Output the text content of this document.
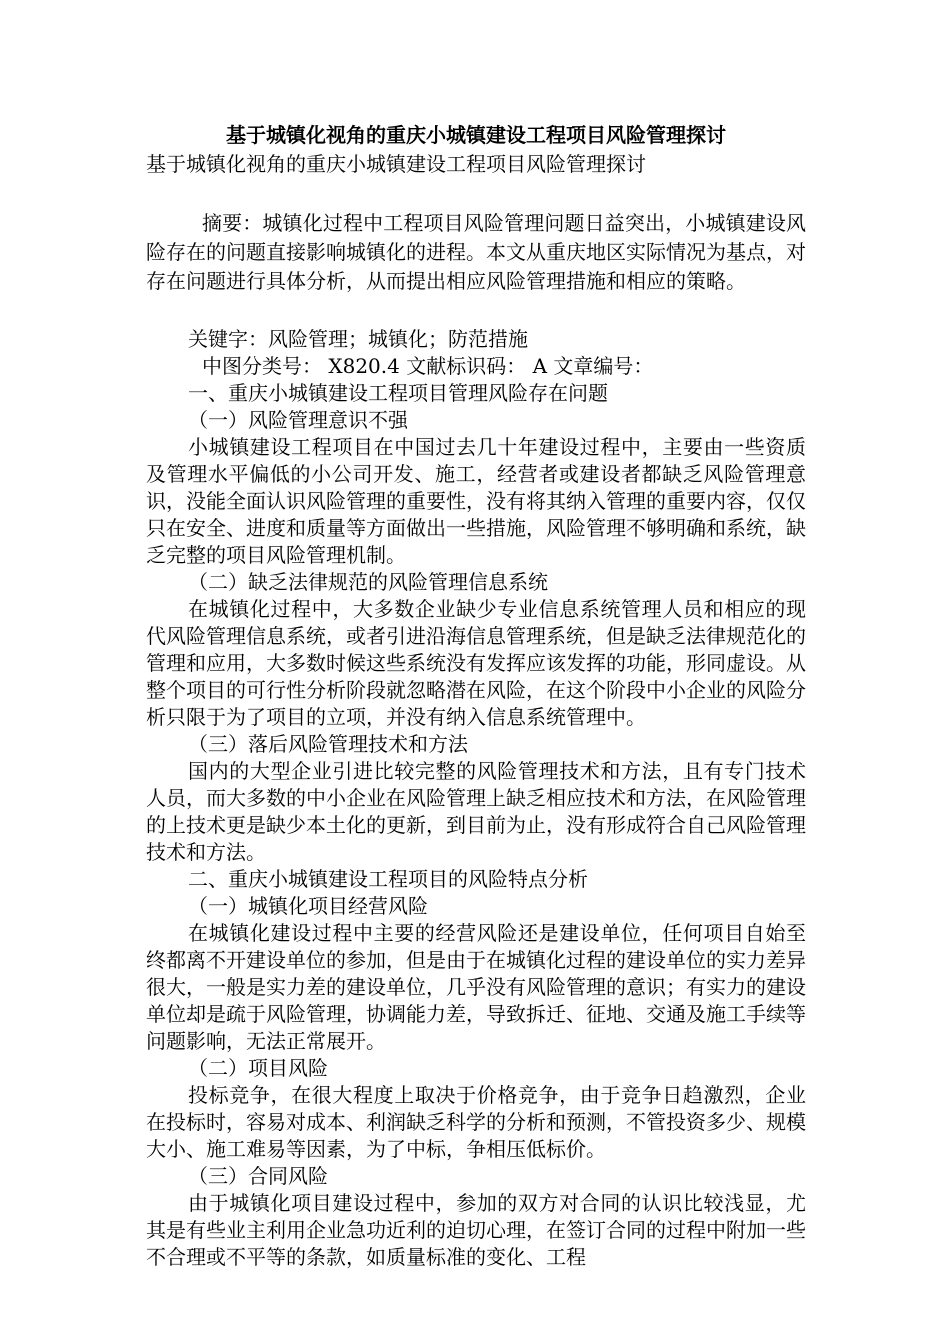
基于城镇化视角的重庆小城镇建设工程项目风险管理探讨

基于城镇化视角的重庆小城镇建设工程项目风险管理探讨

摘要：城镇化过程中工程项目风险管理问题日益突出，小城镇建设风险存在的问题直接影响城镇化的进程。本文从重庆地区实际情况为基点，对存在问题进行具体分析，从而提出相应风险管理措施和相应的策略。

关键字：风险管理；城镇化；防范措施

中图分类号： X820.4 文献标识码： A 文章编号：

一、重庆小城镇建设工程项目管理风险存在问题

（一）风险管理意识不强

小城镇建设工程项目在中国过去几十年建设过程中，主要由一些资质及管理水平偏低的小公司开发、施工，经营者或建设者都缺乏风险管理意识，没能全面认识风险管理的重要性，没有将其纳入管理的重要内容，仅仅只在安全、进度和质量等方面做出一些措施，风险管理不够明确和系统，缺乏完整的项目风险管理机制。

（二）缺乏法律规范的风险管理信息系统

在城镇化过程中，大多数企业缺少专业信息系统管理人员和相应的现代风险管理信息系统，或者引进沿海信息管理系统，但是缺乏法律规范化的管理和应用，大多数时候这些系统没有发挥应该发挥的功能，形同虚设。从整个项目的可行性分析阶段就忽略潜在风险，在这个阶段中小企业的风险分析只限于为了项目的立项，并没有纳入信息系统管理中。

（三）落后风险管理技术和方法

国内的大型企业引进比较完整的风险管理技术和方法，且有专门技术人员，而大多数的中小企业在风险管理上缺乏相应技术和方法，在风险管理的上技术更是缺少本土化的更新，到目前为止，没有形成符合自己风险管理技术和方法。

二、重庆小城镇建设工程项目的风险特点分析

（一）城镇化项目经营风险

在城镇化建设过程中主要的经营风险还是建设单位，任何项目自始至终都离不开建设单位的参加，但是由于在城镇化过程的建设单位的实力差异很大，一般是实力差的建设单位，几乎没有风险管理的意识；有实力的建设单位却是疏于风险管理，协调能力差，导致拆迁、征地、交通及施工手续等问题影响，无法正常展开。

（二）项目风险

投标竞争，在很大程度上取决于价格竞争，由于竞争日趋激烈，企业在投标时，容易对成本、利润缺乏科学的分析和预测，不管投资多少、规模大小、施工难易等因素，为了中标，争相压低标价。

（三）合同风险

由于城镇化项目建设过程中，参加的双方对合同的认识比较浅显，尤其是有些业主利用企业急功近利的迫切心理，在签订合同的过程中附加一些不合理或不平等的条款，如质量标准的变化、工程
